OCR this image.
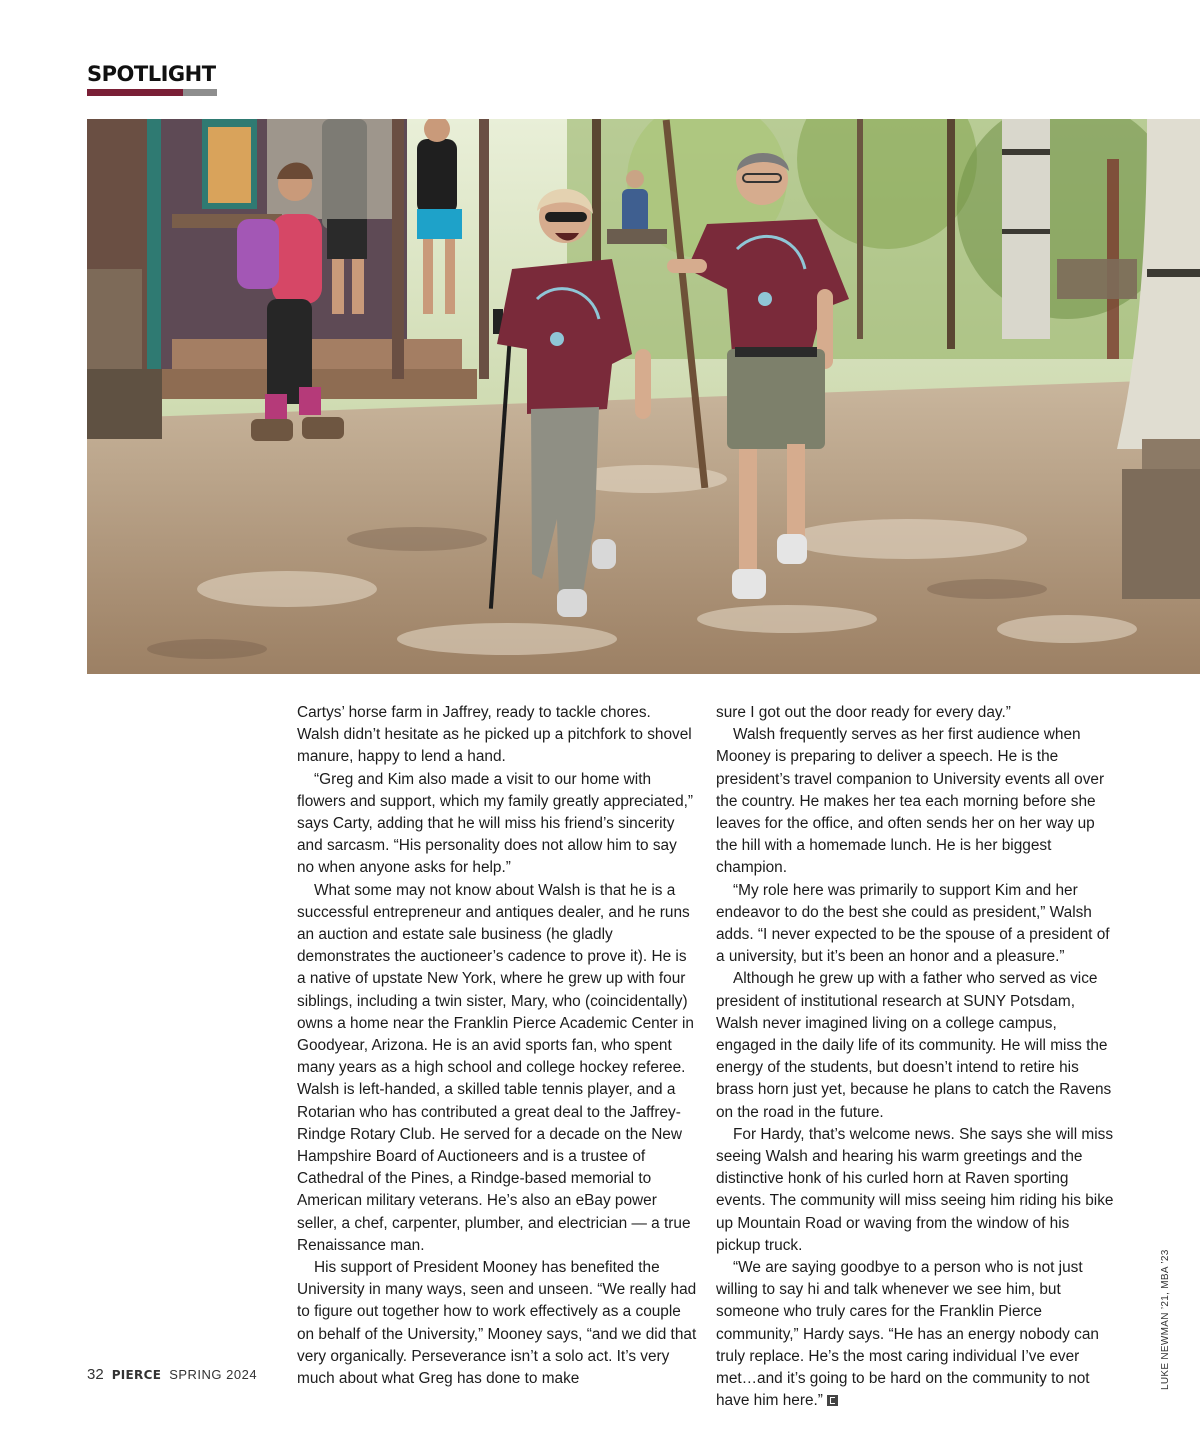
SPOTLIGHT

Cartys’ horse farm in Jaffrey, ready to tackle chores. Walsh didn’t hesitate as he picked up a pitchfork to shovel manure, happy to lend a hand.

“Greg and Kim also made a visit to our home with flowers and support, which my family greatly appreciated,” says Carty, adding that he will miss his friend’s sincerity and sarcasm. “His personality does not allow him to say no when anyone asks for help.”

What some may not know about Walsh is that he is a successful entrepreneur and antiques dealer, and he runs an auction and estate sale business (he gladly demonstrates the auctioneer’s cadence to prove it). He is a native of upstate New York, where he grew up with four siblings, including a twin sister, Mary, who (coincidentally) owns a home near the Franklin Pierce Academic Center in Goodyear, Arizona. He is an avid sports fan, who spent many years as a high school and college hockey referee. Walsh is left-handed, a skilled table tennis player, and a Rotarian who has contributed a great deal to the Jaffrey-Rindge Rotary Club. He served for a decade on the New Hampshire Board of Auctioneers and is a trustee of Cathedral of the Pines, a Rindge-based memorial to American military veterans. He’s also an eBay power seller, a chef, carpenter, plumber, and electrician — a true Renaissance man.

His support of President Mooney has benefited the University in many ways, seen and unseen. “We really had to figure out together how to work effectively as a couple on behalf of the University,” Mooney says, “and we did that very organically. Perseverance isn’t a solo act. It’s very much about what Greg has done to make

sure I got out the door ready for every day.”

Walsh frequently serves as her first audience when Mooney is preparing to deliver a speech. He is the president’s travel companion to University events all over the country. He makes her tea each morning before she leaves for the office, and often sends her on her way up the hill with a homemade lunch. He is her biggest champion.

“My role here was primarily to support Kim and her endeavor to do the best she could as president,” Walsh adds. “I never expected to be the spouse of a president of a university, but it’s been an honor and a pleasure.”

Although he grew up with a father who served as vice president of institutional research at SUNY Potsdam, Walsh never imagined living on a college campus, engaged in the daily life of its community. He will miss the energy of the students, but doesn’t intend to retire his brass horn just yet, because he plans to catch the Ravens on the road in the future.

For Hardy, that’s welcome news. She says she will miss seeing Walsh and hearing his warm greetings and the distinctive honk of his curled horn at Raven sporting events. The community will miss seeing him riding his bike up Mountain Road or waving from the window of his pickup truck.

“We are saying goodbye to a person who is not just willing to say hi and talk whenever we see him, but someone who truly cares for the Franklin Pierce community,” Hardy says. “He has an energy nobody can truly replace. He’s the most caring individual I’ve ever met…and it’s going to be hard on the community to not have him here.”

LUKE NEWMAN ’21, MBA ’23
32 PIERCE SPRING 2024
